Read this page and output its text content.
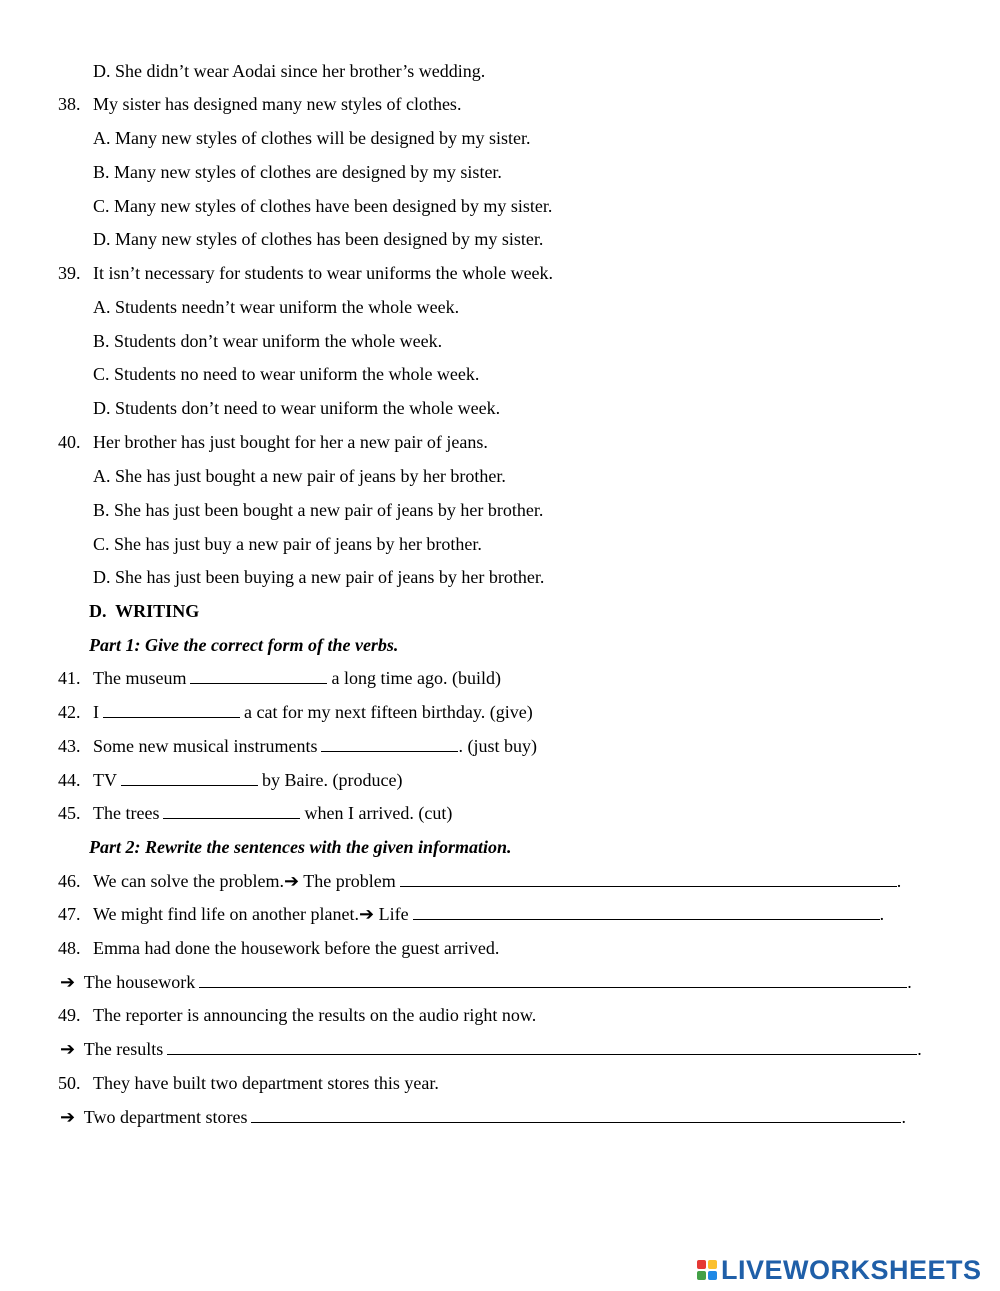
D. She didn’t wear Aodai since her brother’s wedding.
38. My sister has designed many new styles of clothes.
A. Many new styles of clothes will be designed by my sister.
B. Many new styles of clothes are designed by my sister.
C. Many new styles of clothes have been designed by my sister.
D. Many new styles of clothes has been designed by my sister.
39. It isn’t necessary for students to wear uniforms the whole week.
A. Students needn’t wear uniform the whole week.
B. Students don’t wear uniform the whole week.
C. Students no need to wear uniform the whole week.
D. Students don’t need to wear uniform the whole week.
40. Her brother has just bought for her a new pair of jeans.
A. She has just bought a new pair of jeans by her brother.
B. She has just been bought a new pair of jeans by her brother.
C. She has just buy a new pair of jeans by her brother.
D. She has just been buying a new pair of jeans by her brother.
D.  WRITING
Part 1: Give the correct form of the verbs.
41. The museum	a long time ago. (build)
42. I	a cat for my next fifteen birthday. (give)
43. Some new musical instruments	. (just buy)
44. TV	by Baire. (produce)
45. The trees	when I arrived. (cut)
Part 2: Rewrite the sentences with the given information.
46. We can solve the problem.➔ The problem	.
47. We might find life on another planet.➔ Life	.
48. Emma had done the housework before the guest arrived.
➔ The housework	.
49. The reporter is announcing the results on the audio right now.
➔ The results	.
50. They have built two department stores this year.
➔ Two department stores	.
LIVEWORKSHEETS
